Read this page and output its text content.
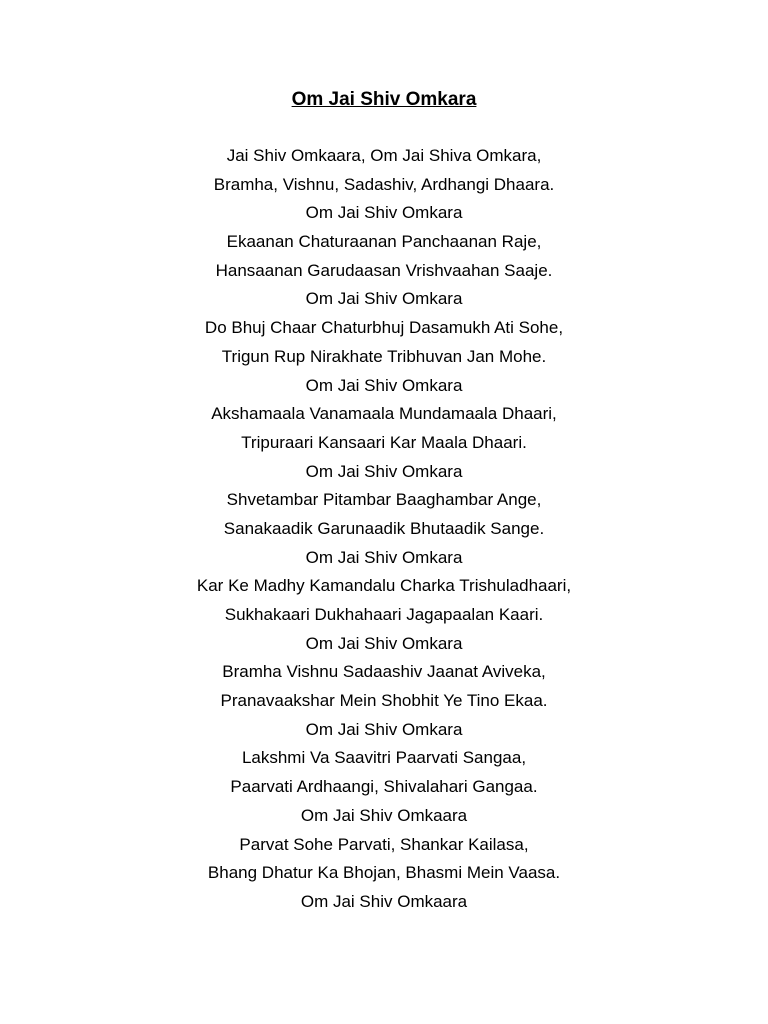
Om Jai Shiv Omkara
Jai Shiv Omkaara, Om Jai Shiva Omkara,
Bramha, Vishnu, Sadashiv, Ardhangi Dhaara.
Om Jai Shiv Omkara
Ekaanan Chaturaanan Panchaanan Raje,
Hansaanan Garudaasan Vrishvaahan Saaje.
Om Jai Shiv Omkara
Do Bhuj Chaar Chaturbhuj Dasamukh Ati Sohe,
Trigun Rup Nirakhate Tribhuvan Jan Mohe.
Om Jai Shiv Omkara
Akshamaala Vanamaala Mundamaala Dhaari,
Tripuraari Kansaari Kar Maala Dhaari.
Om Jai Shiv Omkara
Shvetambar Pitambar Baaghambar Ange,
Sanakaadik Garunaadik Bhutaadik Sange.
Om Jai Shiv Omkara
Kar Ke Madhy Kamandalu Charka Trishuladhaari,
Sukhakaari Dukhahaari Jagapaalan Kaari.
Om Jai Shiv Omkara
Bramha Vishnu Sadaashiv Jaanat Aviveka,
Pranavaakshar Mein Shobhit Ye Tino Ekaa.
Om Jai Shiv Omkara
Lakshmi Va Saavitri Paarvati Sangaa,
Paarvati Ardhaangi, Shivalahari Gangaa.
Om Jai Shiv Omkaara
Parvat Sohe Parvati, Shankar Kailasa,
Bhang Dhatur Ka Bhojan, Bhasmi Mein Vaasa.
Om Jai Shiv Omkaara
